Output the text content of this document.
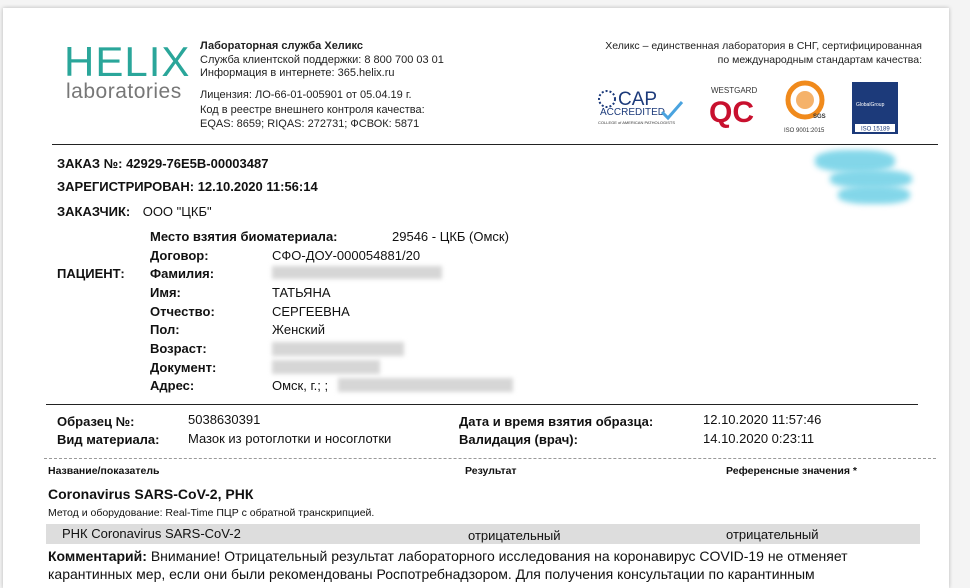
HELIX
laboratories
Лабораторная служба Хеликс
Служба клиентской поддержки: 8 800 700 03 01
Информация в интернете: 365.helix.ru
Лицензия: ЛО-66-01-005901 от 05.04.19 г.
Код в реестре внешнего контроля качества:
EQAS: 8659; RIQAS: 272731; ФСВОК: 5871
Хеликс – единственная лаборатория в СНГ, сертифицированная
по международным стандартам качества:
CAP
ACCREDITED
COLLEGE of AMERICAN PATHOLOGISTS
WESTGARD
QC	SGS
ISO 9001:2015
GlobalGroup
ISO 15189
ЗАКАЗ №: 42929-76E5B-00003487
ЗАРЕГИСТРИРОВАН: 12.10.2020 11:56:14
ЗАКАЗЧИК: ООО "ЦКБ"
ПАЦИЕНТ:
Место взятия биоматериала:	29546 - ЦКБ (Омск)
Договор:	СФО-ДОУ-000054881/20
Фамилия:
Имя:	ТАТЬЯНА
Отчество:	СЕРГЕЕВНА
Пол:	Женский
Возраст:
Документ:
Адрес:	Омск, г.; ;
Образец №:	5038630391
Вид материала: Мазок из ротоглотки и носоглотки
Дата и время взятия образца:	12.10.2020 11:57:46
Валидация (врач):	14.10.2020 0:23:11
Название/показатель	Результат	Референсные значения *
Coronavirus SARS-CoV-2, РНК
Метод и оборудование: Real-Time ПЦР с обратной транскрипцией.
РНК Coronavirus SARS-CoV-2	отрицательный	отрицательный
Комментарий: Внимание! Отрицательный результат лабораторного исследования на коронавирус COVID-19 не отменяет
карантинных мер, если они были рекомендованы Роспотребнадзором. Для получения консультации по карантинным
